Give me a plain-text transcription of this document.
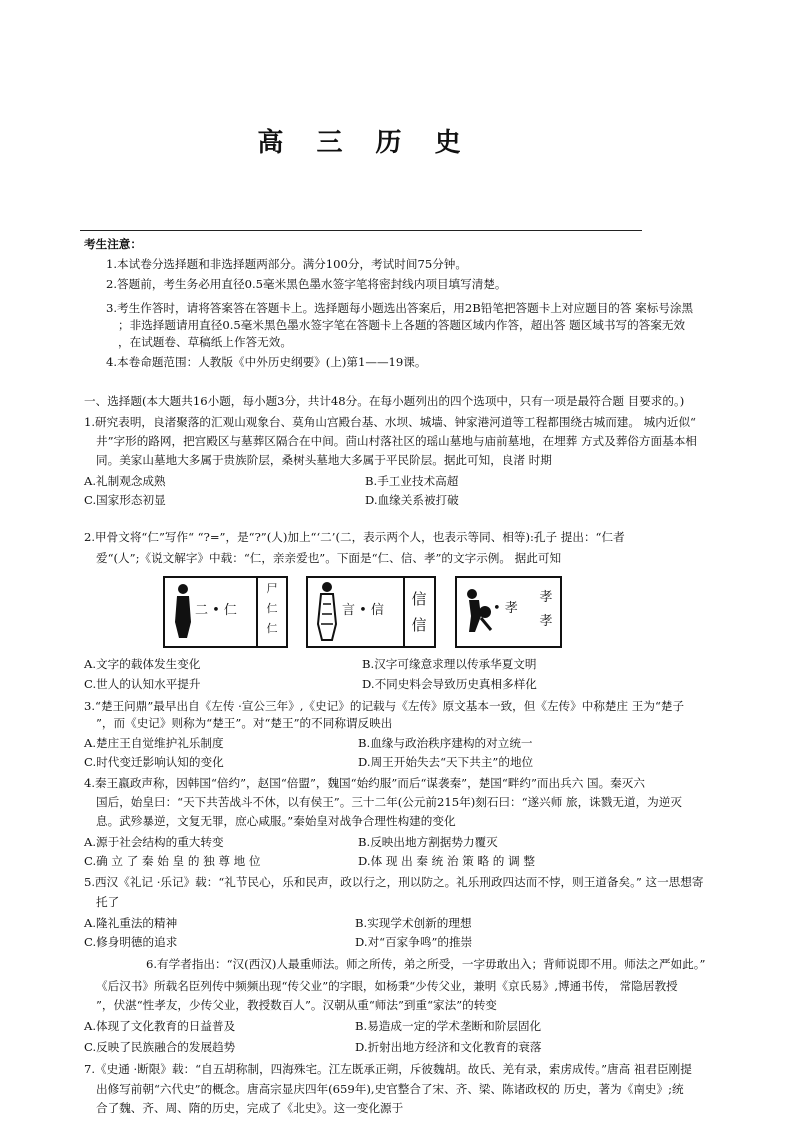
高 三 历 史
考生注意：
1.本试卷分选择题和非选择题两部分。满分100分，考试时间75分钟。
2.答题前，考生务必用直径0.5毫米黑色墨水签字笔将密封线内项目填写清楚。
3.考生作答时，请将答案答在答题卡上。选择题每小题选出答案后，用2B铅笔把答题卡上对应题目的答 案标号涂黑
；非选择题请用直径0.5毫米黑色墨水签字笔在答题卡上各题的答题区域内作答，超出答 题区域书写的答案无效
，在试题卷、草稿纸上作答无效。
4.本卷命题范围：人教版《中外历史纲要》(上)第1——19课。
一、选择题(本大题共16小题，每小题3分，共计48分。在每小题列出的四个选项中，只有一项是最符合题 目要求的。)
1.研究表明，良渚聚落的汇观山观象台、莫角山宫殿台基、水坝、城墙、钟家港河道等工程都围绕古城而建。 城内近似“
井”字形的路网，把宫殿区与墓葬区隔合在中间。茴山村落社区的瑶山墓地与庙前墓地，在埋葬 方式及葬俗方面基本相
同。美家山墓地大多属于贵族阶层，桑树头墓地大多属于平民阶层。据此可知，良渚 时期
A.礼制观念成熟	B.手工业技术高超
C.国家形态初显	D.血缘关系被打破
2.甲骨文将“仁”写作“ “?=”，是“?”(人)加上“‘二’(二，表示两个人，也表示等同、相等):孔子 提出：“仁者
爱“(人”;《说文解字》中载：“仁，亲亲爱也”。下面是“仁、信、孝”的文字示例。 据此可知
二 • 仁
尸
仁
仁
言 • 信
信
信
• 孝
孝
孝
A.文字的载体发生变化	B.汉字可缘意求理以传承华夏文明
C.世人的认知水平提升	D.不同史料会导致历史真相多样化
3.“楚王问鼎”最早出自《左传 ·宣公三年》,《史记》的记载与《左传》原文基本一致，但《左传》中称楚庄 王为“楚子
”，而《史记》则称为“楚王”。对“楚王”的不同称谓反映出
A.楚庄王自觉维护礼乐制度	B.血缘与政治秩序建构的对立统一
C.时代变迁影响认知的变化	D.周王开始失去“天下共主”的地位
4.秦王嬴政声称，因韩国“倍约”，赵国“倍盟”，魏国“始约服”而后“谋袭秦”，楚国“畔约”而出兵六 国。秦灭六
国后，始皇曰：“天下共苦战斗不休，以有侯王”。三十二年(公元前215年)刻石曰：“遂兴师 旅，诛戮无道，为逆灭
息。武殄暴逆，文复无罪，庶心咸服。”秦始皇对战争合理性构建的变化
A.源于社会结构的重大转变	B.反映出地方割据势力覆灭
C.确 立 了 秦 始 皇 的 独 尊 地 位	D.体 现 出 秦 统 治 策 略 的 调 整
5.西汉《礼记 ·乐记》载：“礼节民心，乐和民声，政以行之，刑以防之。礼乐刑政四达而不悖，则王道备矣。” 这一思想寄
托了
A.隆礼重法的精神	B.实现学术创新的理想
C.修身明德的追求	D.对“百家争鸣”的推崇
6.有学者指出：“汉(西汉)人最重师法。师之所传，弟之所受，一字毋敢出入；背师说即不用。师法之严如此。”
《后汉书》所载名臣列传中频频出现“传父业”的字眼，如杨秉“少传父业，兼明《京氏易》,博通书传， 常隐居教授
”，伏湛“性孝友，少传父业，教授数百人”。汉朝从重“师法”到重“家法”的转变
A.体现了文化教育的日益普及	B.易造成一定的学术垄断和阶层固化
C.反映了民族融合的发展趋势	D.折射出地方经济和文化教育的衰落
7.《史通 ·断限》载：“自五胡称制，四海殊宅。江左既承正朔，斥彼魏胡。故氏、羌有录，索虏成传。”唐高 祖君臣刚提
出修写前朝“六代史”的概念。唐高宗显庆四年(659年),史官整合了宋、齐、梁、陈诸政权的 历史，著为《南史》;统
合了魏、齐、周、隋的历史，完成了《北史》。这一变化源于
